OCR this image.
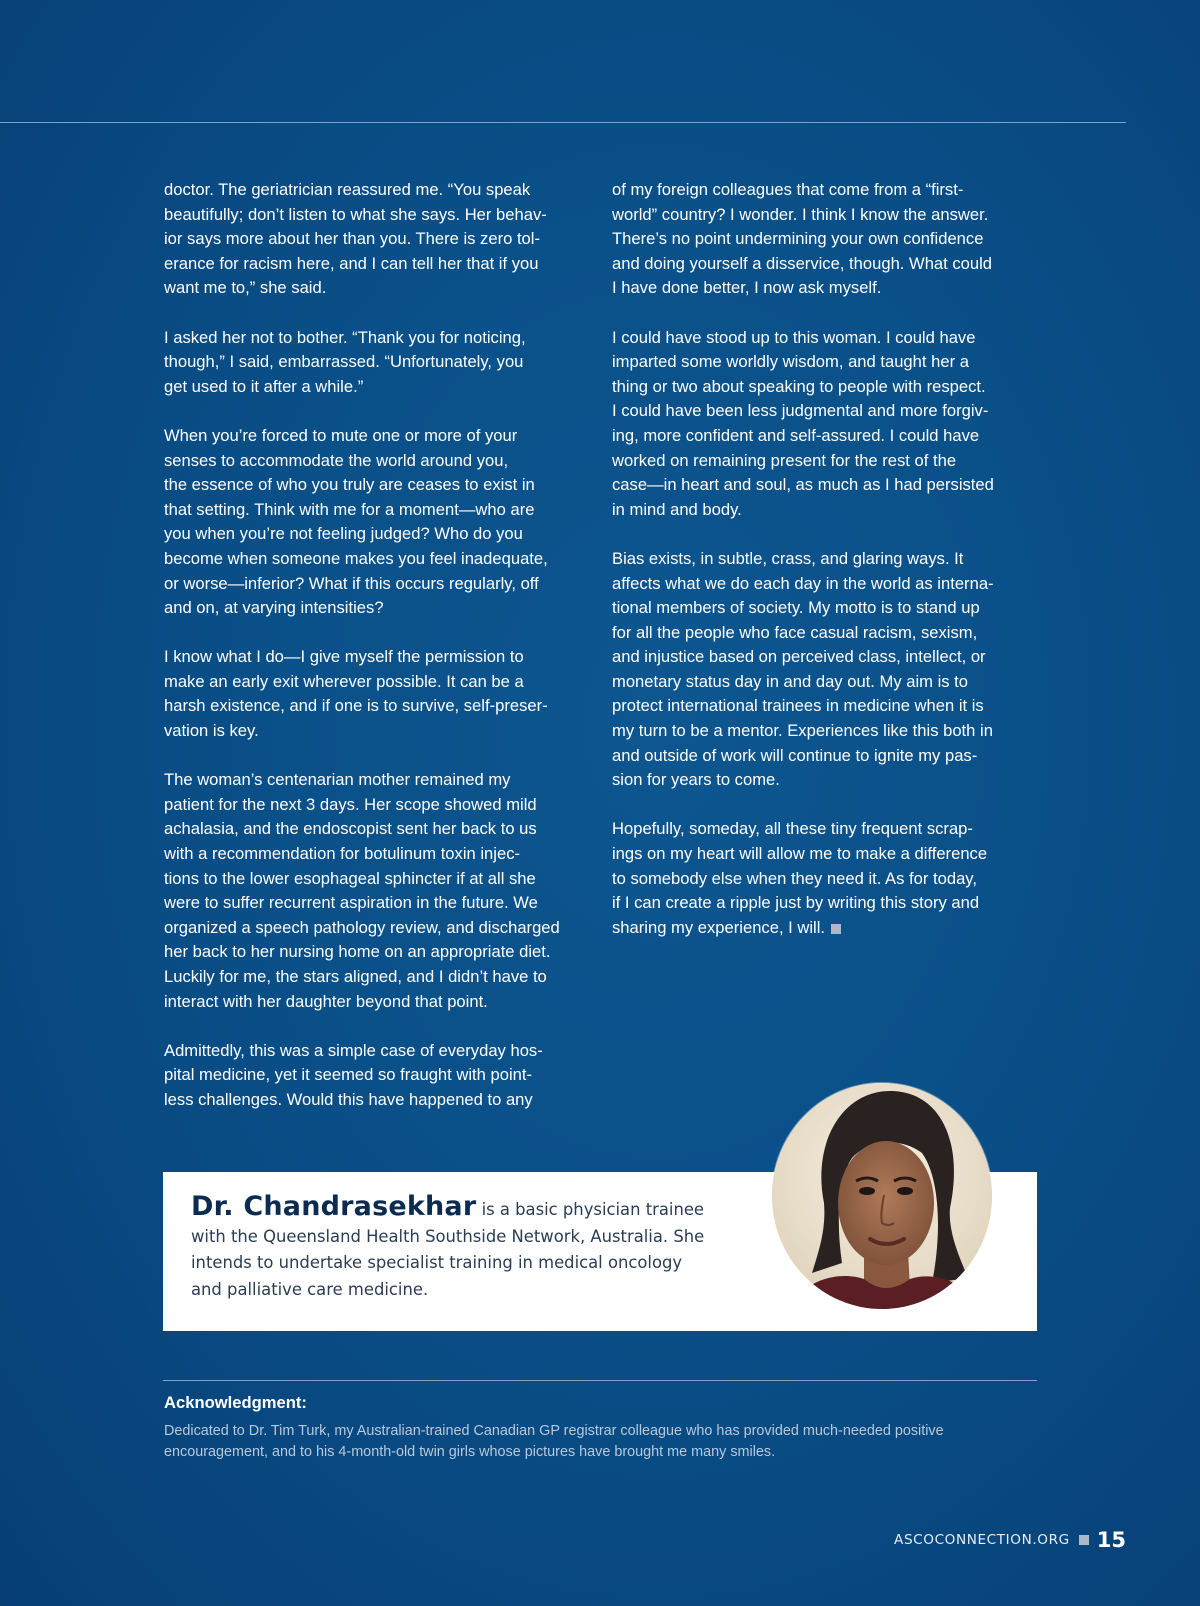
doctor. The geriatrician reassured me. “You speak
beautifully; don’t listen to what she says. Her behav-
ior says more about her than you. There is zero tol-
erance for racism here, and I can tell her that if you
want me to,” she said.

I asked her not to bother. “Thank you for noticing,
though,” I said, embarrassed. “Unfortunately, you
get used to it after a while.”

When you’re forced to mute one or more of your
senses to accommodate the world around you,
the essence of who you truly are ceases to exist in
that setting. Think with me for a moment—who are
you when you’re not feeling judged? Who do you
become when someone makes you feel inadequate,
or worse—inferior? What if this occurs regularly, off
and on, at varying intensities?

I know what I do—I give myself the permission to
make an early exit wherever possible. It can be a
harsh existence, and if one is to survive, self-preser-
vation is key.

The woman’s centenarian mother remained my
patient for the next 3 days. Her scope showed mild
achalasia, and the endoscopist sent her back to us
with a recommendation for botulinum toxin injec-
tions to the lower esophageal sphincter if at all she
were to suffer recurrent aspiration in the future. We
organized a speech pathology review, and discharged
her back to her nursing home on an appropriate diet.
Luckily for me, the stars aligned, and I didn’t have to
interact with her daughter beyond that point.

Admittedly, this was a simple case of everyday hos-
pital medicine, yet it seemed so fraught with point-
less challenges. Would this have happened to any

of my foreign colleagues that come from a “first-
world” country? I wonder. I think I know the answer.
There’s no point undermining your own confidence
and doing yourself a disservice, though. What could
I have done better, I now ask myself.

I could have stood up to this woman. I could have
imparted some worldly wisdom, and taught her a
thing or two about speaking to people with respect.
I could have been less judgmental and more forgiv-
ing, more confident and self-assured. I could have
worked on remaining present for the rest of the
case—in heart and soul, as much as I had persisted
in mind and body.

Bias exists, in subtle, crass, and glaring ways. It
affects what we do each day in the world as interna-
tional members of society. My motto is to stand up
for all the people who face casual racism, sexism,
and injustice based on perceived class, intellect, or
monetary status day in and day out. My aim is to
protect international trainees in medicine when it is
my turn to be a mentor. Experiences like this both in
and outside of work will continue to ignite my pas-
sion for years to come.

Hopefully, someday, all these tiny frequent scrap-
ings on my heart will allow me to make a difference
to somebody else when they need it. As for today,
if I can create a ripple just by writing this story and
sharing my experience, I will.

Dr. Chandrasekhar is a basic physician trainee with the Queensland Health Southside Network, Australia. She intends to undertake specialist training in medical oncology and palliative care medicine.
Acknowledgment:
Dedicated to Dr. Tim Turk, my Australian-trained Canadian GP registrar colleague who has provided much-needed positive encouragement, and to his 4-month-old twin girls whose pictures have brought me many smiles.
ASCOCONNECTION.ORG 15
